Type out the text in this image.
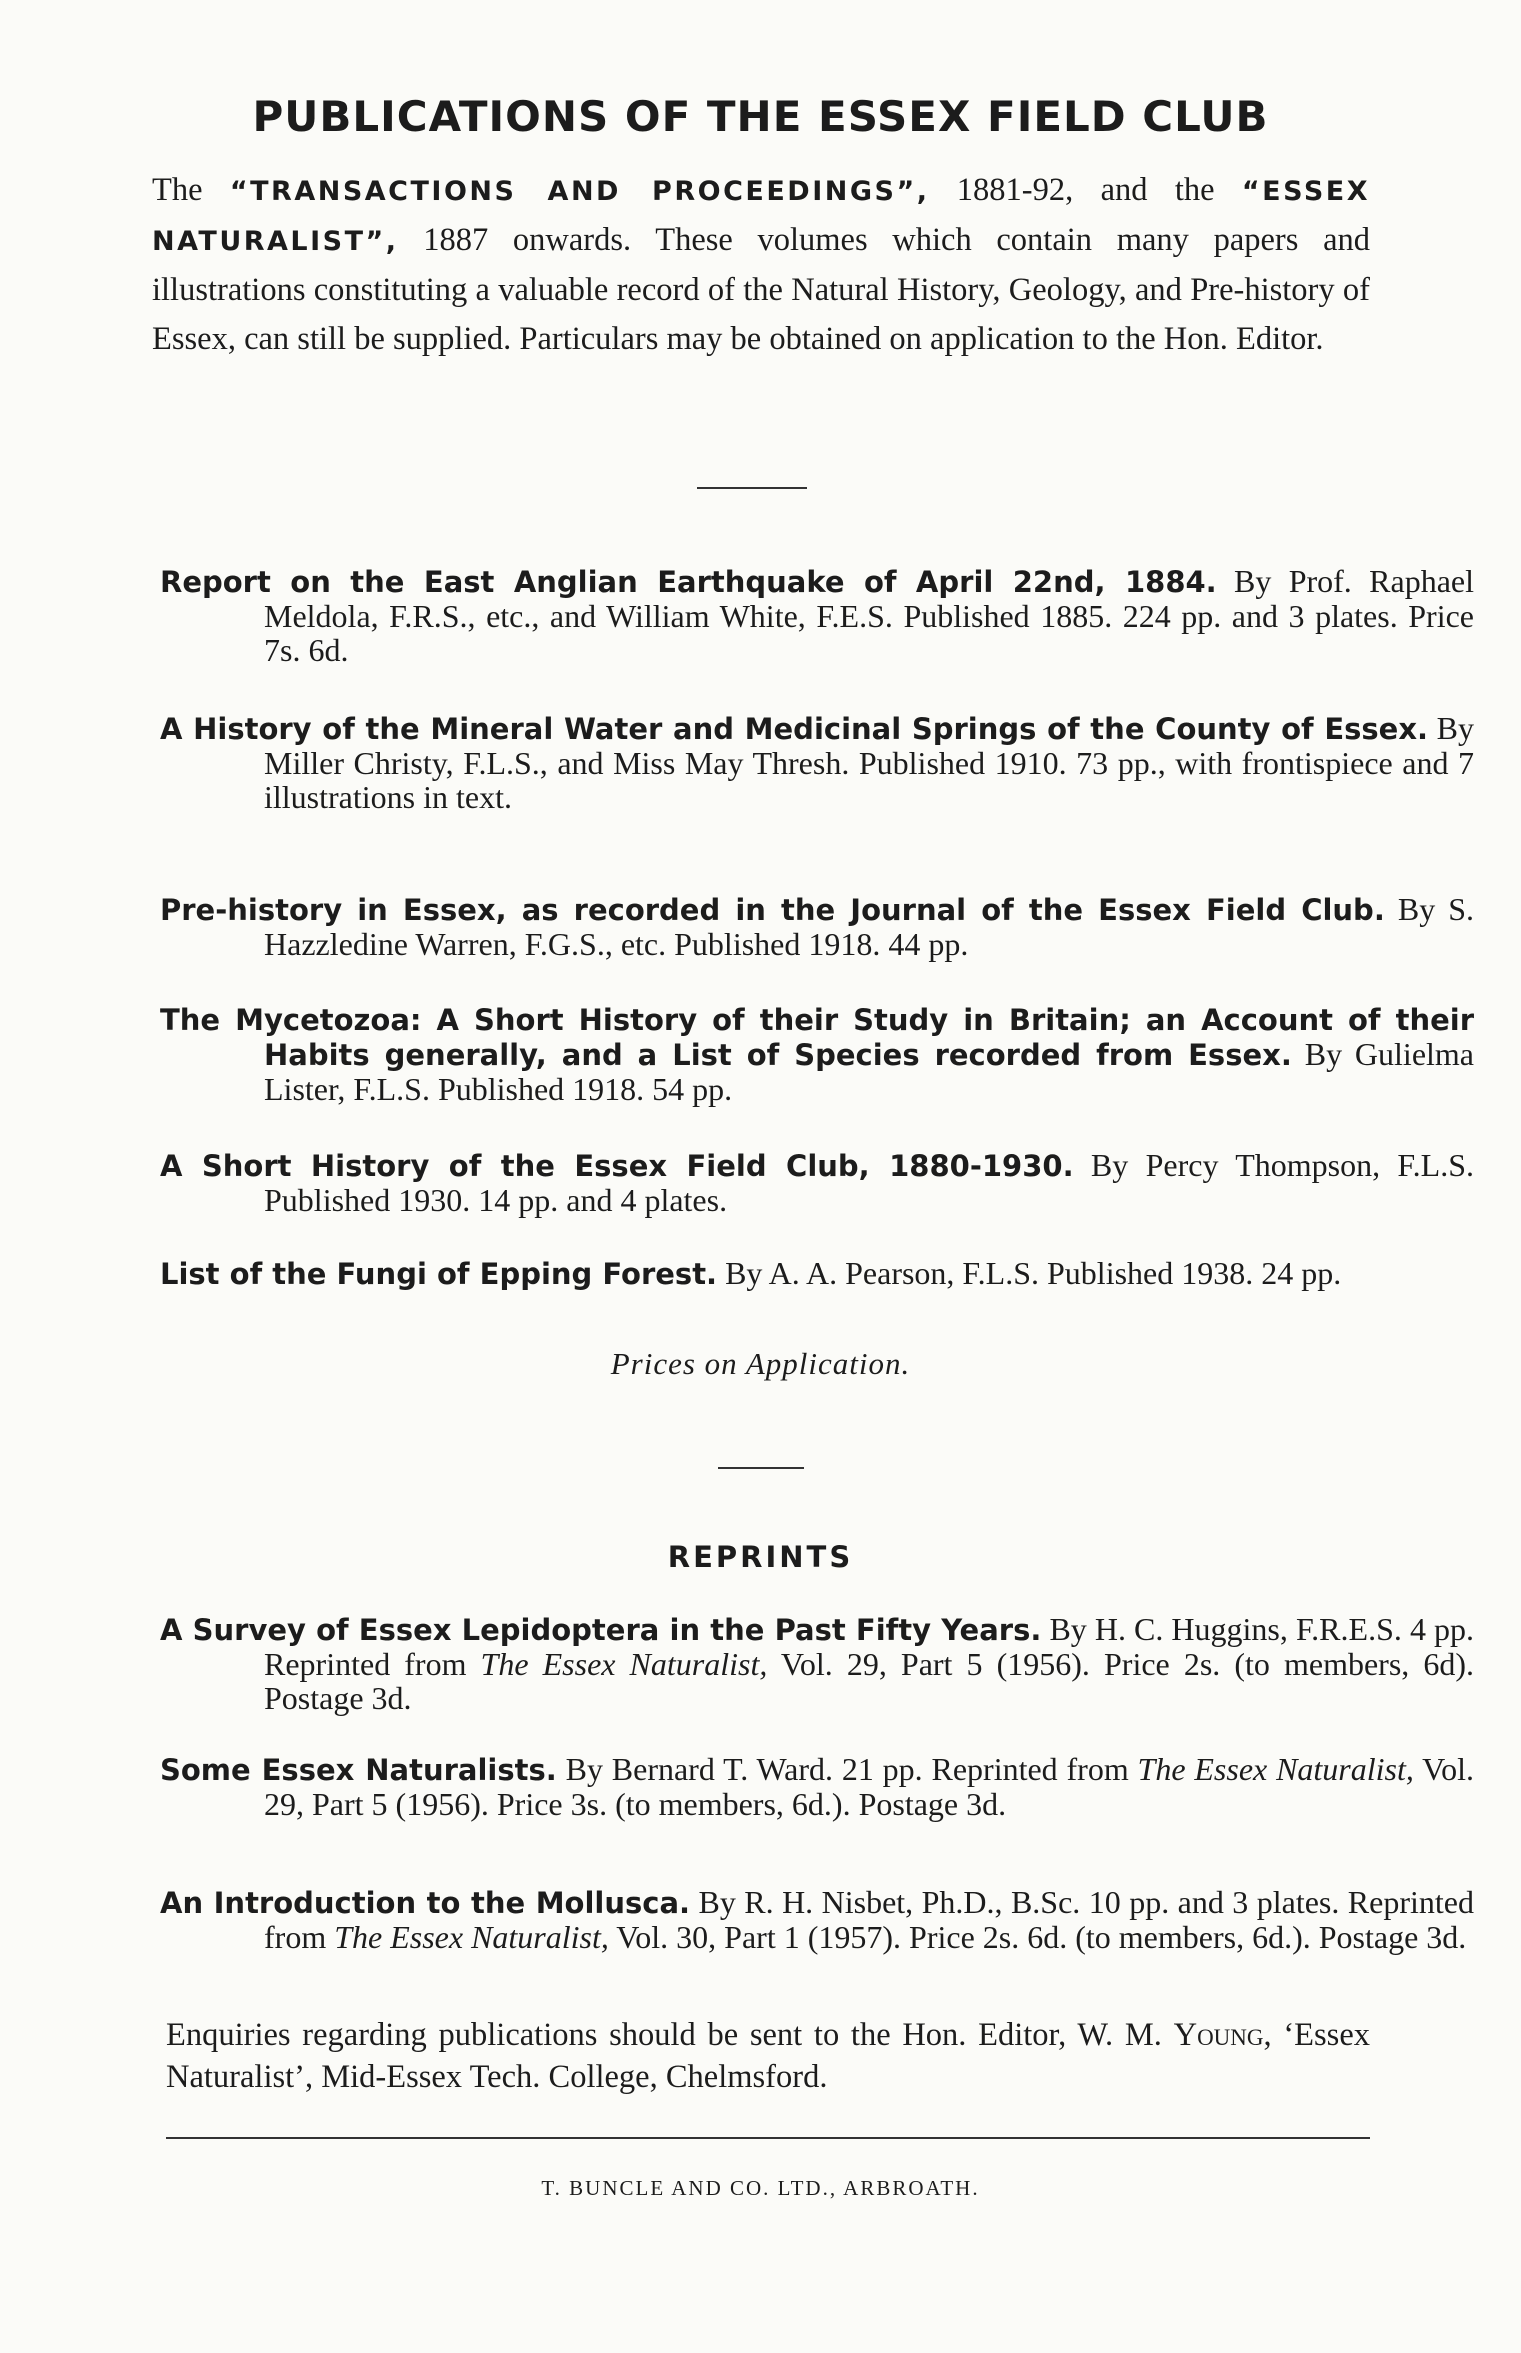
PUBLICATIONS OF THE ESSEX FIELD CLUB
The “TRANSACTIONS AND PROCEEDINGS”, 1881-92, and the “ESSEX NATURALIST”, 1887 onwards. These volumes which contain many papers and illustrations constituting a valuable record of the Natural History, Geology, and Pre-history of Essex, can still be supplied. Particulars may be obtained on application to the Hon. Editor.
Report on the East Anglian Earthquake of April 22nd, 1884. By Prof. Raphael Meldola, F.R.S., etc., and William White, F.E.S. Published 1885. 224 pp. and 3 plates. Price 7s. 6d.
A History of the Mineral Water and Medicinal Springs of the County of Essex. By Miller Christy, F.L.S., and Miss May Thresh. Published 1910. 73 pp., with frontispiece and 7 illustrations in text.
Pre-history in Essex, as recorded in the Journal of the Essex Field Club. By S. Hazzledine Warren, F.G.S., etc. Published 1918. 44 pp.
The Mycetozoa: A Short History of their Study in Britain; an Account of their Habits generally, and a List of Species recorded from Essex. By Gulielma Lister, F.L.S. Published 1918. 54 pp.
A Short History of the Essex Field Club, 1880-1930. By Percy Thompson, F.L.S. Published 1930. 14 pp. and 4 plates.
List of the Fungi of Epping Forest. By A. A. Pearson, F.L.S. Published 1938. 24 pp.
Prices on Application.
REPRINTS
A Survey of Essex Lepidoptera in the Past Fifty Years. By H. C. Huggins, F.R.E.S. 4 pp. Reprinted from The Essex Naturalist, Vol. 29, Part 5 (1956). Price 2s. (to members, 6d). Postage 3d.
Some Essex Naturalists. By Bernard T. Ward. 21 pp. Reprinted from The Essex Naturalist, Vol. 29, Part 5 (1956). Price 3s. (to members, 6d.). Postage 3d.
An Introduction to the Mollusca. By R. H. Nisbet, Ph.D., B.Sc. 10 pp. and 3 plates. Reprinted from The Essex Naturalist, Vol. 30, Part 1 (1957). Price 2s. 6d. (to members, 6d.). Postage 3d.
Enquiries regarding publications should be sent to the Hon. Editor, W. M. Young, ‘Essex Naturalist’, Mid-Essex Tech. College, Chelmsford.
T. BUNCLE AND CO. LTD., ARBROATH.
